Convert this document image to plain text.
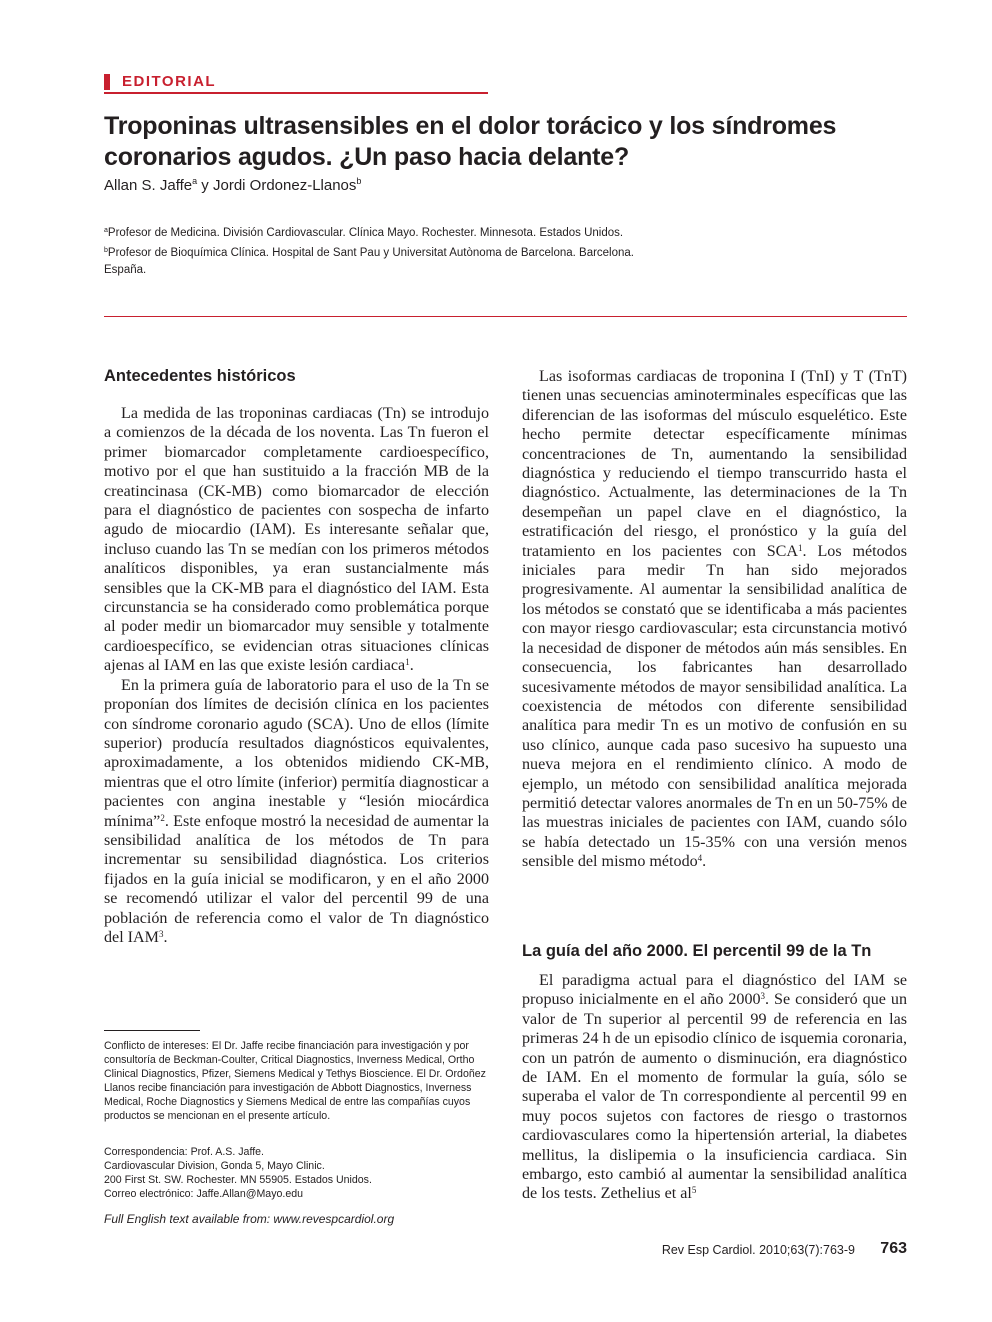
EDITORIAL
Troponinas ultrasensibles en el dolor torácico y los síndromes
coronarios agudos. ¿Un paso hacia delante?
Allan S. Jaffe$^a$ y Jordi Ordonez-Llanos$^b$
$^a$Profesor de Medicina. División Cardiovascular. Clínica Mayo. Rochester. Minnesota. Estados Unidos.
$^b$Profesor de Bioquímica Clínica. Hospital de Sant Pau y Universitat Autònoma de Barcelona. Barcelona.
España.
Antecedentes históricos

La medida de las troponinas cardiacas (Tn) se introdujo a comienzos de la década de los noventa. Las Tn fueron el primer biomarcador completamente cardioespecífico, motivo por el que han sustituido a la fracción MB de la creatincinasa (CK-MB) como biomarcador de elección para el diagnóstico de pacientes con sospecha de infarto agudo de miocardio (IAM). Es interesante señalar que, incluso cuando las Tn se medían con los primeros métodos analíticos disponibles, ya eran sustancialmente más sensibles que la CK-MB para el diagnóstico del IAM. Esta circunstancia se ha considerado como problemática porque al poder medir un biomarcador muy sensible y totalmente cardioespecífico, se evidencian otras situaciones clínicas ajenas al IAM en las que existe lesión cardiaca$^1$.

En la primera guía de laboratorio para el uso de la Tn se proponían dos límites de decisión clínica en los pacientes con síndrome coronario agudo (SCA). Uno de ellos (límite superior) producía resultados diagnósticos equivalentes, aproximadamente, a los obtenidos midiendo CK-MB, mientras que el otro límite (inferior) permitía diagnosticar a pacientes con angina inestable y “lesión miocárdica mínima”$^2$. Este enfoque mostró la necesidad de aumentar la sensibilidad analítica de los métodos de Tn para incrementar su sensibilidad diagnóstica. Los criterios fijados en la guía inicial se modificaron, y en el año 2000 se recomendó utilizar el valor del percentil 99 de una población de referencia como el valor de Tn diagnóstico del IAM$^3$.

Las isoformas cardiacas de troponina I (TnI) y T (TnT) tienen unas secuencias aminoterminales específicas que las diferencian de las isoformas del músculo esquelético. Este hecho permite detectar específicamente mínimas concentraciones de Tn, aumentando la sensibilidad diagnóstica y reduciendo el tiempo transcurrido hasta el diagnóstico. Actualmente, las determinaciones de la Tn desempeñan un papel clave en el diagnóstico, la estratificación del riesgo, el pronóstico y la guía del tratamiento en los pacientes con SCA$^1$. Los métodos iniciales para medir Tn han sido mejorados progresivamente. Al aumentar la sensibilidad analítica de los métodos se constató que se identificaba a más pacientes con mayor riesgo cardiovascular; esta circunstancia motivó la necesidad de disponer de métodos aún más sensibles. En consecuencia, los fabricantes han desarrollado sucesivamente métodos de mayor sensibilidad analítica. La coexistencia de métodos con diferente sensibilidad analítica para medir Tn es un motivo de confusión en su uso clínico, aunque cada paso sucesivo ha supuesto una nueva mejora en el rendimiento clínico. A modo de ejemplo, un método con sensibilidad analítica mejorada permitió detectar valores anormales de Tn en un 50-75% de las muestras iniciales de pacientes con IAM, cuando sólo se había detectado un 15-35% con una versión menos sensible del mismo método$^4$.

La guía del año 2000. El percentil 99 de la Tn

El paradigma actual para el diagnóstico del IAM se propuso inicialmente en el año 2000$^3$. Se consideró que un valor de Tn superior al percentil 99 de referencia en las primeras 24 h de un episodio clínico de isquemia coronaria, con un patrón de aumento o disminución, era diagnóstico de IAM. En el momento de formular la guía, sólo se superaba el valor de Tn correspondiente al percentil 99 en muy pocos sujetos con factores de riesgo o trastornos cardiovasculares como la hipertensión arterial, la diabetes mellitus, la dislipemia o la insuficiencia cardiaca. Sin embargo, esto cambió al aumentar la sensibilidad analítica de los tests. Zethelius et $al^5$

Conflicto de intereses: El Dr. Jaffe recibe financiación para investigación y por consultoría de Beckman-Coulter, Critical Diagnostics, Inverness Medical, Ortho Clinical Diagnostics, Pfizer, Siemens Medical y Tethys Bioscience. El Dr. Ordoñez Llanos recibe financiación para investigación de Abbott Diagnostics, Inverness Medical, Roche Diagnostics y Siemens Medical de entre las compañías cuyos productos se mencionan en el presente artículo.
Correspondencia: Prof. A.S. Jaffe.
Cardiovascular Division, Gonda 5, Mayo Clinic.
200 First St. SW. Rochester. MN 55905. Estados Unidos.
Correo electrónico: Jaffe.Allan@Mayo.edu
Full English text available from: www.revespcardiol.org
Rev Esp Cardiol. 2010;63(7):763-9 763
